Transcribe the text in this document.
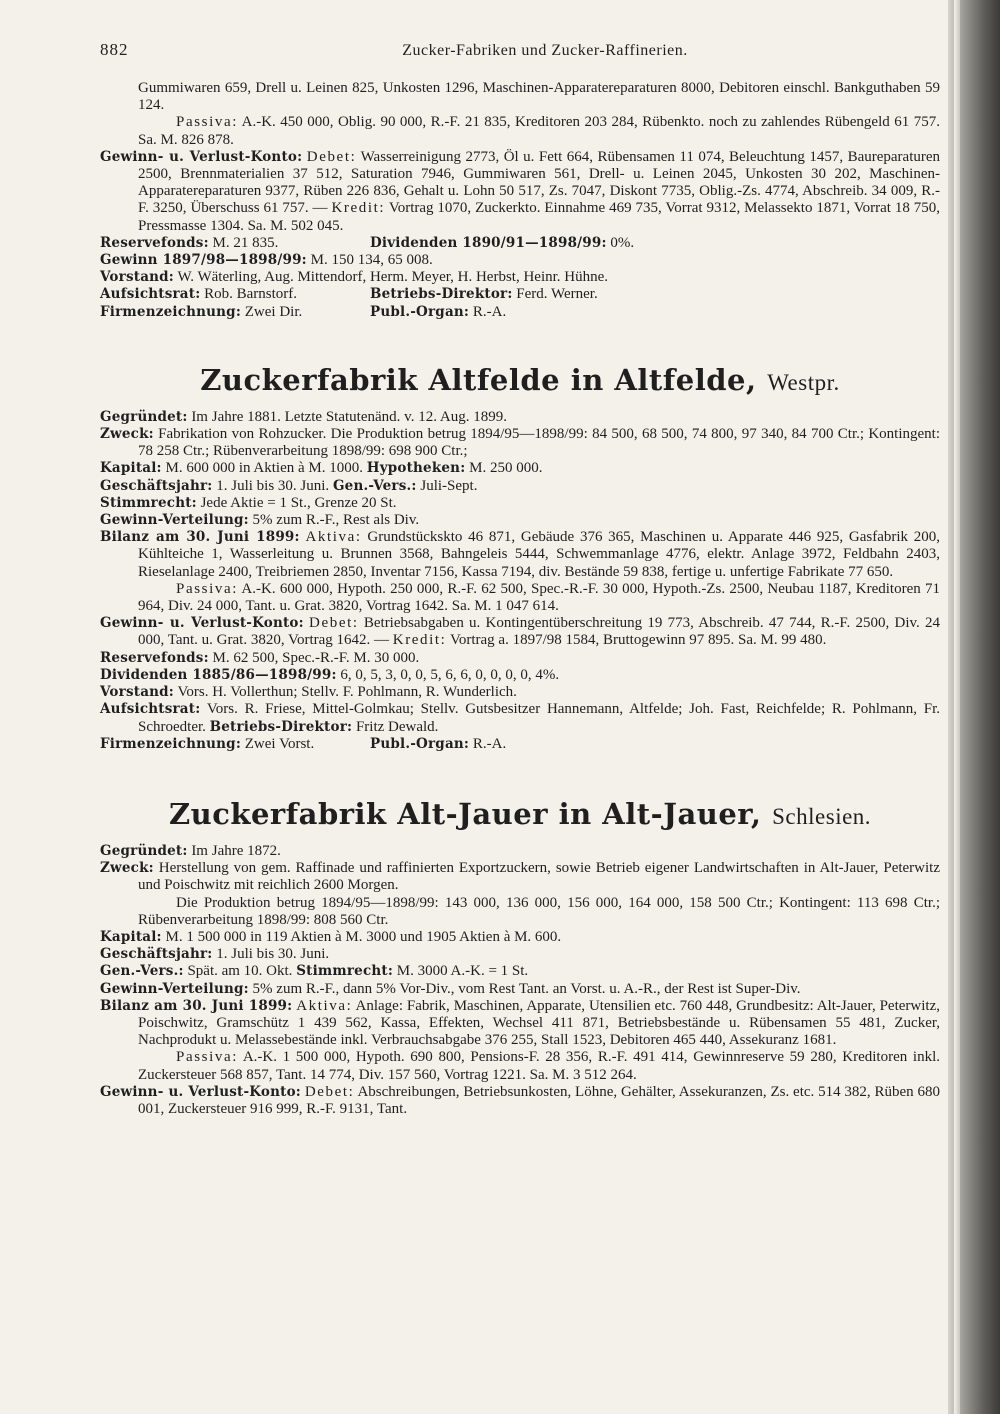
882	Zucker-Fabriken und Zucker-Raffinerien.

Gummiwaren 659, Drell u. Leinen 825, Unkosten 1296, Maschinen-Apparatereparaturen 8000, Debitoren einschl. Bankguthaben 59 124.

Passiva: A.-K. 450 000, Oblig. 90 000, R.-F. 21 835, Kreditoren 203 284, Rübenkto. noch zu zahlendes Rübengeld 61 757. Sa. M. 826 878.

Gewinn- u. Verlust-Konto: Debet: Wasserreinigung 2773, Öl u. Fett 664, Rübensamen 11 074, Beleuchtung 1457, Baureparaturen 2500, Brennmaterialien 37 512, Saturation 7946, Gummiwaren 561, Drell- u. Leinen 2045, Unkosten 30 202, Maschinen-Apparatereparaturen 9377, Rüben 226 836, Gehalt u. Lohn 50 517, Zs. 7047, Diskont 7735, Oblig.-Zs. 4774, Abschreib. 34 009, R.-F. 3250, Überschuss 61 757. — Kredit: Vortrag 1070, Zuckerkto. Einnahme 469 735, Vorrat 9312, Melassekto 1871, Vorrat 18 750, Pressmasse 1304. Sa. M. 502 045.

Reservefonds: M. 21 835.	Dividenden 1890/91—1898/99: 0%.

Gewinn 1897/98—1898/99: M. 150 134, 65 008.

Vorstand: W. Wäterling, Aug. Mittendorf, Herm. Meyer, H. Herbst, Heinr. Hühne.

Aufsichtsrat: Rob. Barnstorf.	Betriebs-Direktor: Ferd. Werner.

Firmenzeichnung: Zwei Dir.	Publ.-Organ: R.-A.

Zuckerfabrik Altfelde in Altfelde, Westpr.

Gegründet: Im Jahre 1881. Letzte Statutenänd. v. 12. Aug. 1899.

Zweck: Fabrikation von Rohzucker. Die Produktion betrug 1894/95—1898/99: 84 500, 68 500, 74 800, 97 340, 84 700 Ctr.; Kontingent: 78 258 Ctr.; Rübenverarbeitung 1898/99: 698 900 Ctr.;

Kapital: M. 600 000 in Aktien à M. 1000. Hypotheken: M. 250 000.

Geschäftsjahr: 1. Juli bis 30. Juni. Gen.-Vers.: Juli-Sept.

Stimmrecht: Jede Aktie = 1 St., Grenze 20 St.

Gewinn-Verteilung: 5% zum R.-F., Rest als Div.

Bilanz am 30. Juni 1899: Aktiva: Grundstückskto 46 871, Gebäude 376 365, Maschinen u. Apparate 446 925, Gasfabrik 200, Kühlteiche 1, Wasserleitung u. Brunnen 3568, Bahngeleis 5444, Schwemmanlage 4776, elektr. Anlage 3972, Feldbahn 2403, Rieselanlage 2400, Treibriemen 2850, Inventar 7156, Kassa 7194, div. Bestände 59 838, fertige u. unfertige Fabrikate 77 650.

Passiva: A.-K. 600 000, Hypoth. 250 000, R.-F. 62 500, Spec.-R.-F. 30 000, Hypoth.-Zs. 2500, Neubau 1187, Kreditoren 71 964, Div. 24 000, Tant. u. Grat. 3820, Vortrag 1642. Sa. M. 1 047 614.

Gewinn- u. Verlust-Konto: Debet: Betriebsabgaben u. Kontingentüberschreitung 19 773, Abschreib. 47 744, R.-F. 2500, Div. 24 000, Tant. u. Grat. 3820, Vortrag 1642. — Kredit: Vortrag a. 1897/98 1584, Bruttogewinn 97 895. Sa. M. 99 480.

Reservefonds: M. 62 500, Spec.-R.-F. M. 30 000.

Dividenden 1885/86—1898/99: 6, 0, 5, 3, 0, 0, 5, 6, 6, 0, 0, 0, 0, 4%.

Vorstand: Vors. H. Vollerthun; Stellv. F. Pohlmann, R. Wunderlich.

Aufsichtsrat: Vors. R. Friese, Mittel-Golmkau; Stellv. Gutsbesitzer Hannemann, Altfelde; Joh. Fast, Reichfelde; R. Pohlmann, Fr. Schroedter. Betriebs-Direktor: Fritz Dewald.

Firmenzeichnung: Zwei Vorst.	Publ.-Organ: R.-A.

Zuckerfabrik Alt-Jauer in Alt-Jauer, Schlesien.

Gegründet: Im Jahre 1872.

Zweck: Herstellung von gem. Raffinade und raffinierten Exportzuckern, sowie Betrieb eigener Landwirtschaften in Alt-Jauer, Peterwitz und Poischwitz mit reichlich 2600 Morgen.

Die Produktion betrug 1894/95—1898/99: 143 000, 136 000, 156 000, 164 000, 158 500 Ctr.; Kontingent: 113 698 Ctr.; Rübenverarbeitung 1898/99: 808 560 Ctr.

Kapital: M. 1 500 000 in 119 Aktien à M. 3000 und 1905 Aktien à M. 600.

Geschäftsjahr: 1. Juli bis 30. Juni.

Gen.-Vers.: Spät. am 10. Okt. Stimmrecht: M. 3000 A.-K. = 1 St.

Gewinn-Verteilung: 5% zum R.-F., dann 5% Vor-Div., vom Rest Tant. an Vorst. u. A.-R., der Rest ist Super-Div.

Bilanz am 30. Juni 1899: Aktiva: Anlage: Fabrik, Maschinen, Apparate, Utensilien etc. 760 448, Grundbesitz: Alt-Jauer, Peterwitz, Poischwitz, Gramschütz 1 439 562, Kassa, Effekten, Wechsel 411 871, Betriebsbestände u. Rübensamen 55 481, Zucker, Nachprodukt u. Melassebestände inkl. Verbrauchsabgabe 376 255, Stall 1523, Debitoren 465 440, Assekuranz 1681.

Passiva: A.-K. 1 500 000, Hypoth. 690 800, Pensions-F. 28 356, R.-F. 491 414, Gewinnreserve 59 280, Kreditoren inkl. Zuckersteuer 568 857, Tant. 14 774, Div. 157 560, Vortrag 1221. Sa. M. 3 512 264.

Gewinn- u. Verlust-Konto: Debet: Abschreibungen, Betriebsunkosten, Löhne, Gehälter, Assekuranzen, Zs. etc. 514 382, Rüben 680 001, Zuckersteuer 916 999, R.-F. 9131, Tant.
